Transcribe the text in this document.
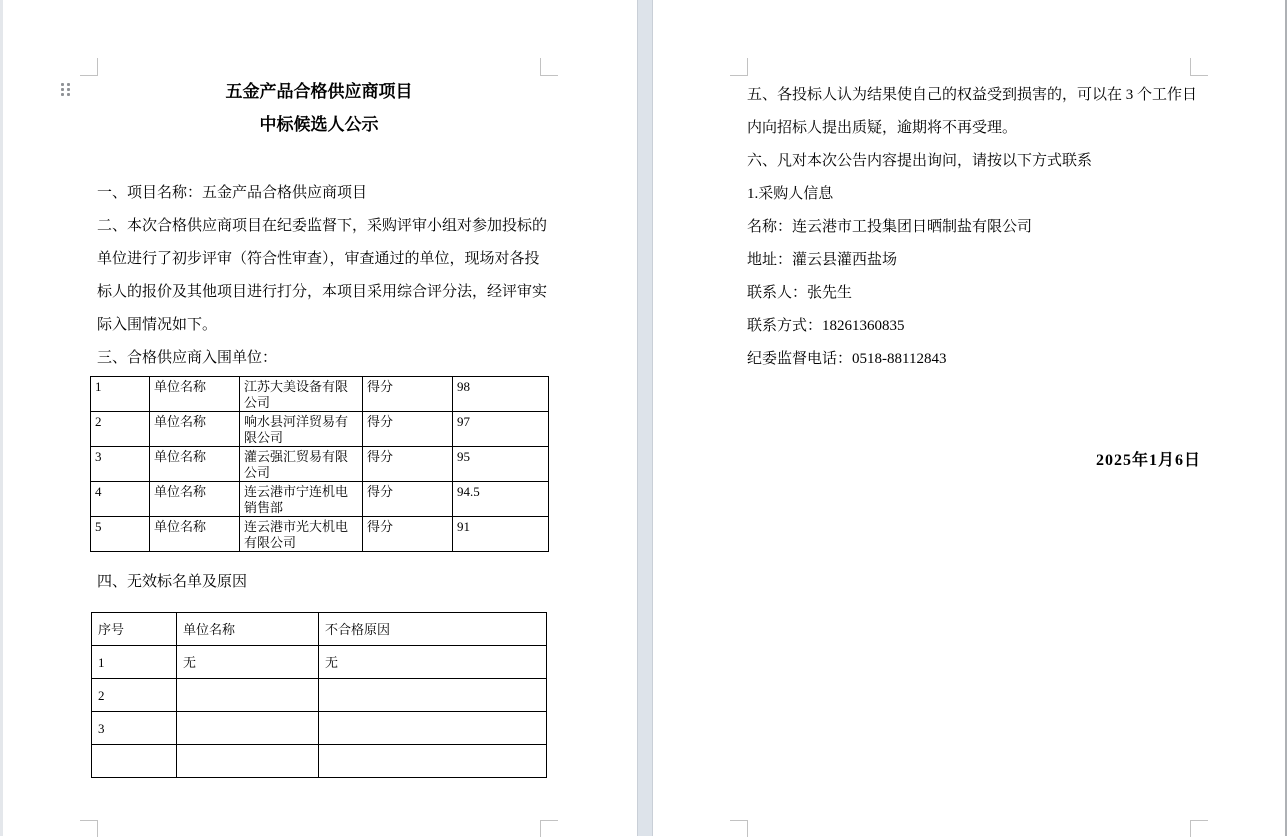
五金产品合格供应商项目
中标候选人公示
一、项目名称：五金产品合格供应商项目
二、本次合格供应商项目在纪委监督下，采购评审小组对参加投标的
单位进行了初步评审（符合性审查），审查通过的单位，现场对各投
标人的报价及其他项目进行打分，本项目采用综合评分法，经评审实
际入围情况如下。
三、合格供应商入围单位：
1	单位名称	江苏大美设备有限公司	得分	98
2	单位名称	响水县河洋贸易有限公司	得分	97
3	单位名称	灌云强汇贸易有限公司	得分	95
4	单位名称	连云港市宁连机电销售部	得分	94.5
5	单位名称	连云港市光大机电有限公司	得分	91
四、无效标名单及原因
序号	单位名称	不合格原因
1	无	无
2		
3		

五、各投标人认为结果使自己的权益受到损害的，可以在 3 个工作日
内向招标人提出质疑，逾期将不再受理。
六、凡对本次公告内容提出询问，请按以下方式联系
1.采购人信息
名称：连云港市工投集团日晒制盐有限公司
地址：灌云县灌西盐场
联系人：张先生
联系方式：18261360835
纪委监督电话：0518-88112843
2025年1月6日
